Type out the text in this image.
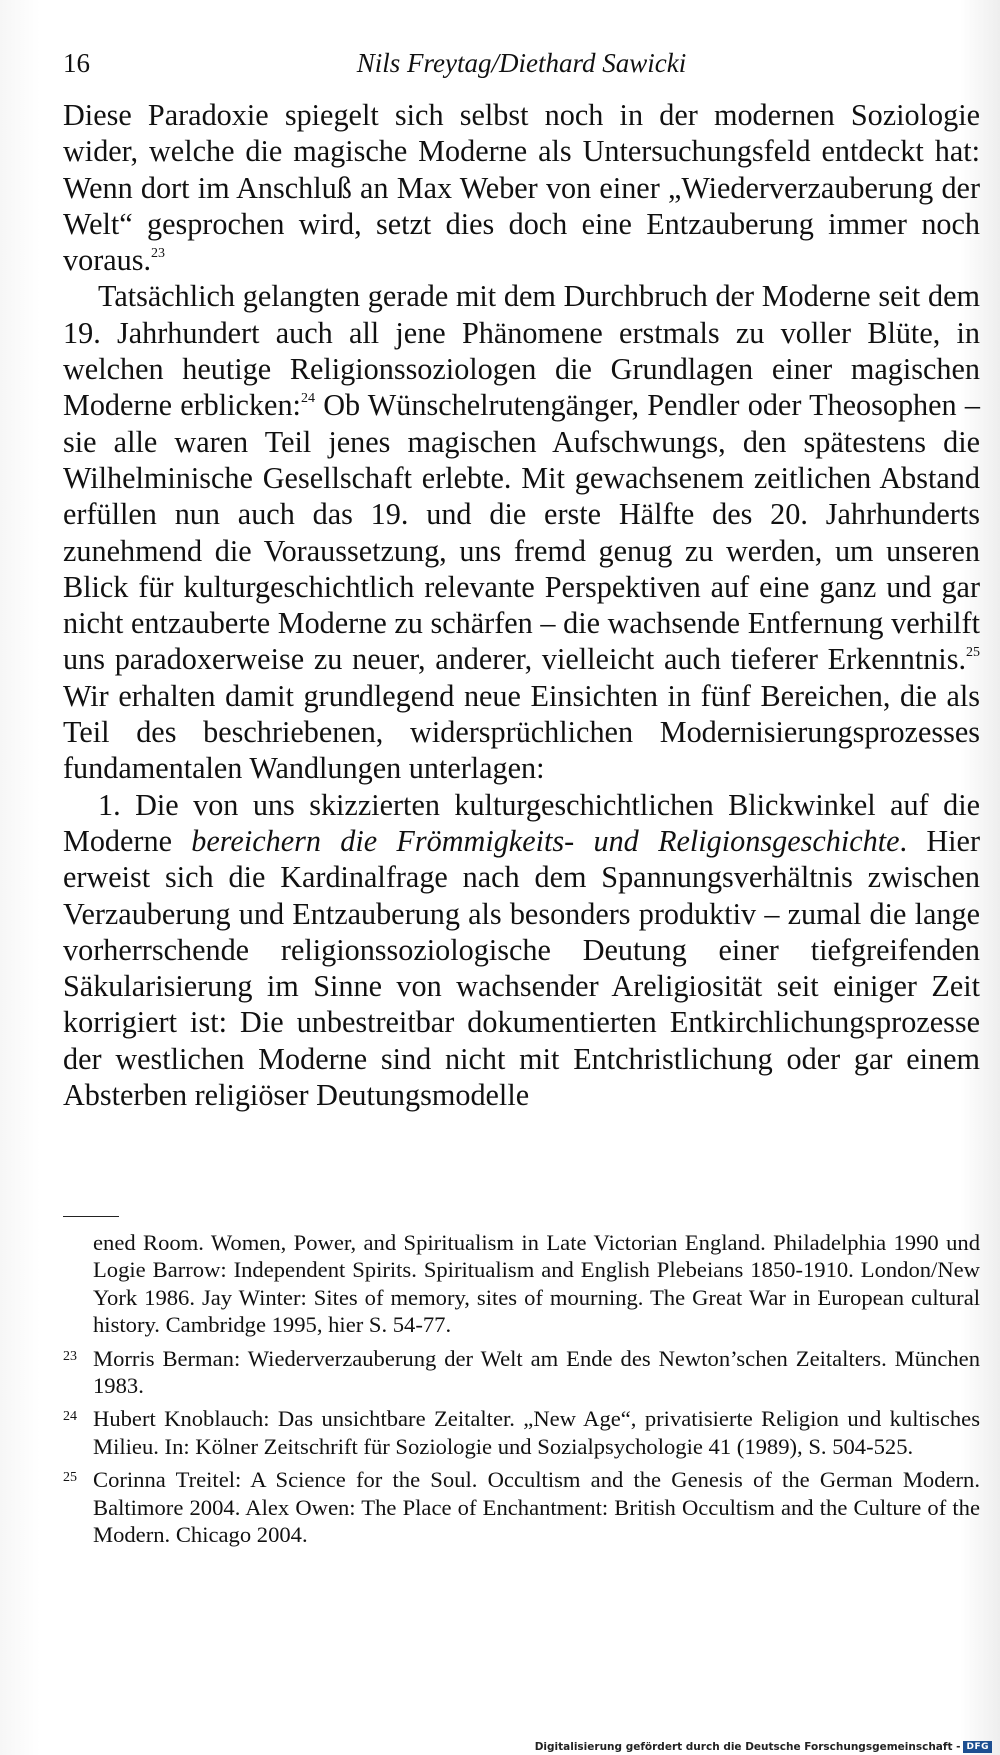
16	Nils Freytag/Diethard Sawicki

Diese Paradoxie spiegelt sich selbst noch in der modernen Soziologie wider, welche die magische Moderne als Untersuchungsfeld entdeckt hat: Wenn dort im Anschluß an Max Weber von einer „Wiederverzauberung der Welt“ gesprochen wird, setzt dies doch eine Entzauberung immer noch voraus.$^{23}$

Tatsächlich gelangten gerade mit dem Durchbruch der Moderne seit dem 19. Jahrhundert auch all jene Phänomene erstmals zu voller Blüte, in welchen heutige Religionssoziologen die Grundlagen einer magischen Moderne erblicken:$^{24}$ Ob Wünschelrutengänger, Pendler oder Theosophen – sie alle waren Teil jenes magischen Aufschwungs, den spätestens die Wilhelminische Gesellschaft erlebte. Mit gewachsenem zeitlichen Abstand erfüllen nun auch das 19. und die erste Hälfte des 20. Jahrhunderts zunehmend die Voraussetzung, uns fremd genug zu werden, um unseren Blick für kulturgeschichtlich relevante Perspektiven auf eine ganz und gar nicht entzauberte Moderne zu schärfen – die wachsende Entfernung verhilft uns paradoxerweise zu neuer, anderer, vielleicht auch tieferer Erkenntnis.$^{25}$ Wir erhalten damit grundlegend neue Einsichten in fünf Bereichen, die als Teil des beschriebenen, widersprüchlichen Modernisierungsprozesses fundamentalen Wandlungen unterlagen:

1. Die von uns skizzierten kulturgeschichtlichen Blickwinkel auf die Moderne bereichern die Frömmigkeits- und Religionsgeschichte. Hier erweist sich die Kardinalfrage nach dem Spannungsverhältnis zwischen Verzauberung und Entzauberung als besonders produktiv – zumal die lange vorherrschende religionssoziologische Deutung einer tiefgreifenden Säkularisierung im Sinne von wachsender Areligiosität seit einiger Zeit korrigiert ist: Die unbestreitbar dokumentierten Entkirchlichungsprozesse der westlichen Moderne sind nicht mit Entchristlichung oder gar einem Absterben religiöser Deutungsmodelle

ened Room. Women, Power, and Spiritualism in Late Victorian England. Philadelphia 1990 und Logie Barrow: Independent Spirits. Spiritualism and English Plebeians 1850-1910. London/New York 1986. Jay Winter: Sites of memory, sites of mourning. The Great War in European cultural history. Cambridge 1995, hier S. 54-77.

23 Morris Berman: Wiederverzauberung der Welt am Ende des Newton’schen Zeitalters. München 1983.

24 Hubert Knoblauch: Das unsichtbare Zeitalter. „New Age“, privatisierte Religion und kultisches Milieu. In: Kölner Zeitschrift für Soziologie und Sozialpsychologie 41 (1989), S. 504-525.

25 Corinna Treitel: A Science for the Soul. Occultism and the Genesis of the German Modern. Baltimore 2004. Alex Owen: The Place of Enchantment: British Occultism and the Culture of the Modern. Chicago 2004.

Digitalisierung gefördert durch die Deutsche Forschungsgemeinschaft - DFG
